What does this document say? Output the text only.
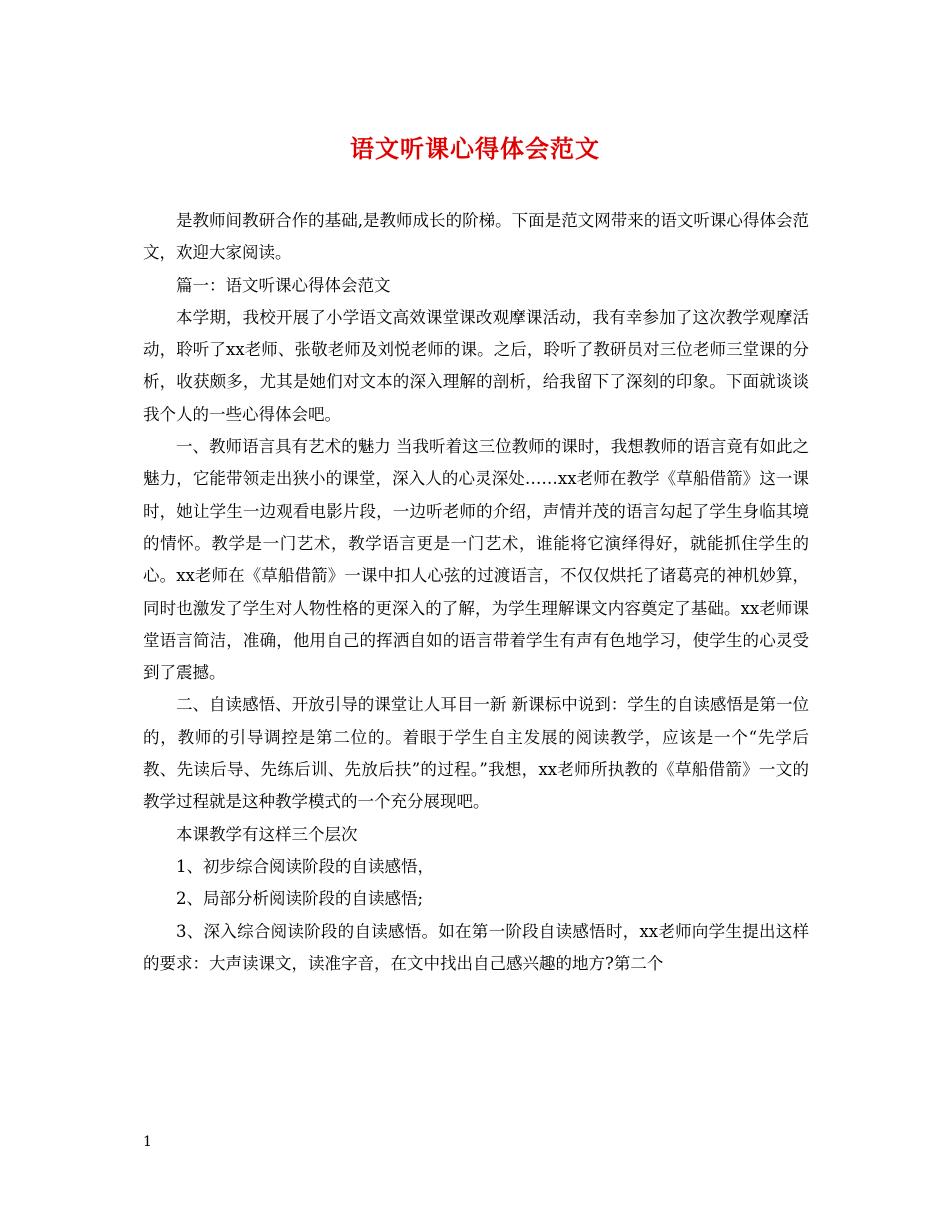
语文听课心得体会范文

是教师间教研合作的基础,是教师成长的阶梯。下面是范文网带来的语文听课心得体会范文，欢迎大家阅读。

篇一：语文听课心得体会范文

本学期，我校开展了小学语文高效课堂课改观摩课活动，我有幸参加了这次教学观摩活动，聆听了xx老师、张敬老师及刘悦老师的课。之后，聆听了教研员对三位老师三堂课的分析，收获颇多，尤其是她们对文本的深入理解的剖析，给我留下了深刻的印象。下面就谈谈我个人的一些心得体会吧。

一、教师语言具有艺术的魅力 当我听着这三位教师的课时，我想教师的语言竟有如此之魅力，它能带领走出狭小的课堂，深入人的心灵深处……xx老师在教学《草船借箭》这一课时，她让学生一边观看电影片段，一边听老师的介绍，声情并茂的语言勾起了学生身临其境的情怀。教学是一门艺术，教学语言更是一门艺术，谁能将它演绎得好，就能抓住学生的心。xx老师在《草船借箭》一课中扣人心弦的过渡语言，不仅仅烘托了诸葛亮的神机妙算，同时也激发了学生对人物性格的更深入的了解，为学生理解课文内容奠定了基础。xx老师课堂语言简洁，准确，他用自己的挥洒自如的语言带着学生有声有色地学习，使学生的心灵受到了震撼。

二、自读感悟、开放引导的课堂让人耳目一新 新课标中说到：学生的自读感悟是第一位的，教师的引导调控是第二位的。着眼于学生自主发展的阅读教学，应该是一个“先学后教、先读后导、先练后训、先放后扶”的过程。”我想，xx老师所执教的《草船借箭》一文的教学过程就是这种教学模式的一个充分展现吧。

本课教学有这样三个层次

1、初步综合阅读阶段的自读感悟，

2、局部分析阅读阶段的自读感悟;

3、深入综合阅读阶段的自读感悟。如在第一阶段自读感悟时，xx老师向学生提出这样的要求：大声读课文，读准字音，在文中找出自己感兴趣的地方?第二个

1
